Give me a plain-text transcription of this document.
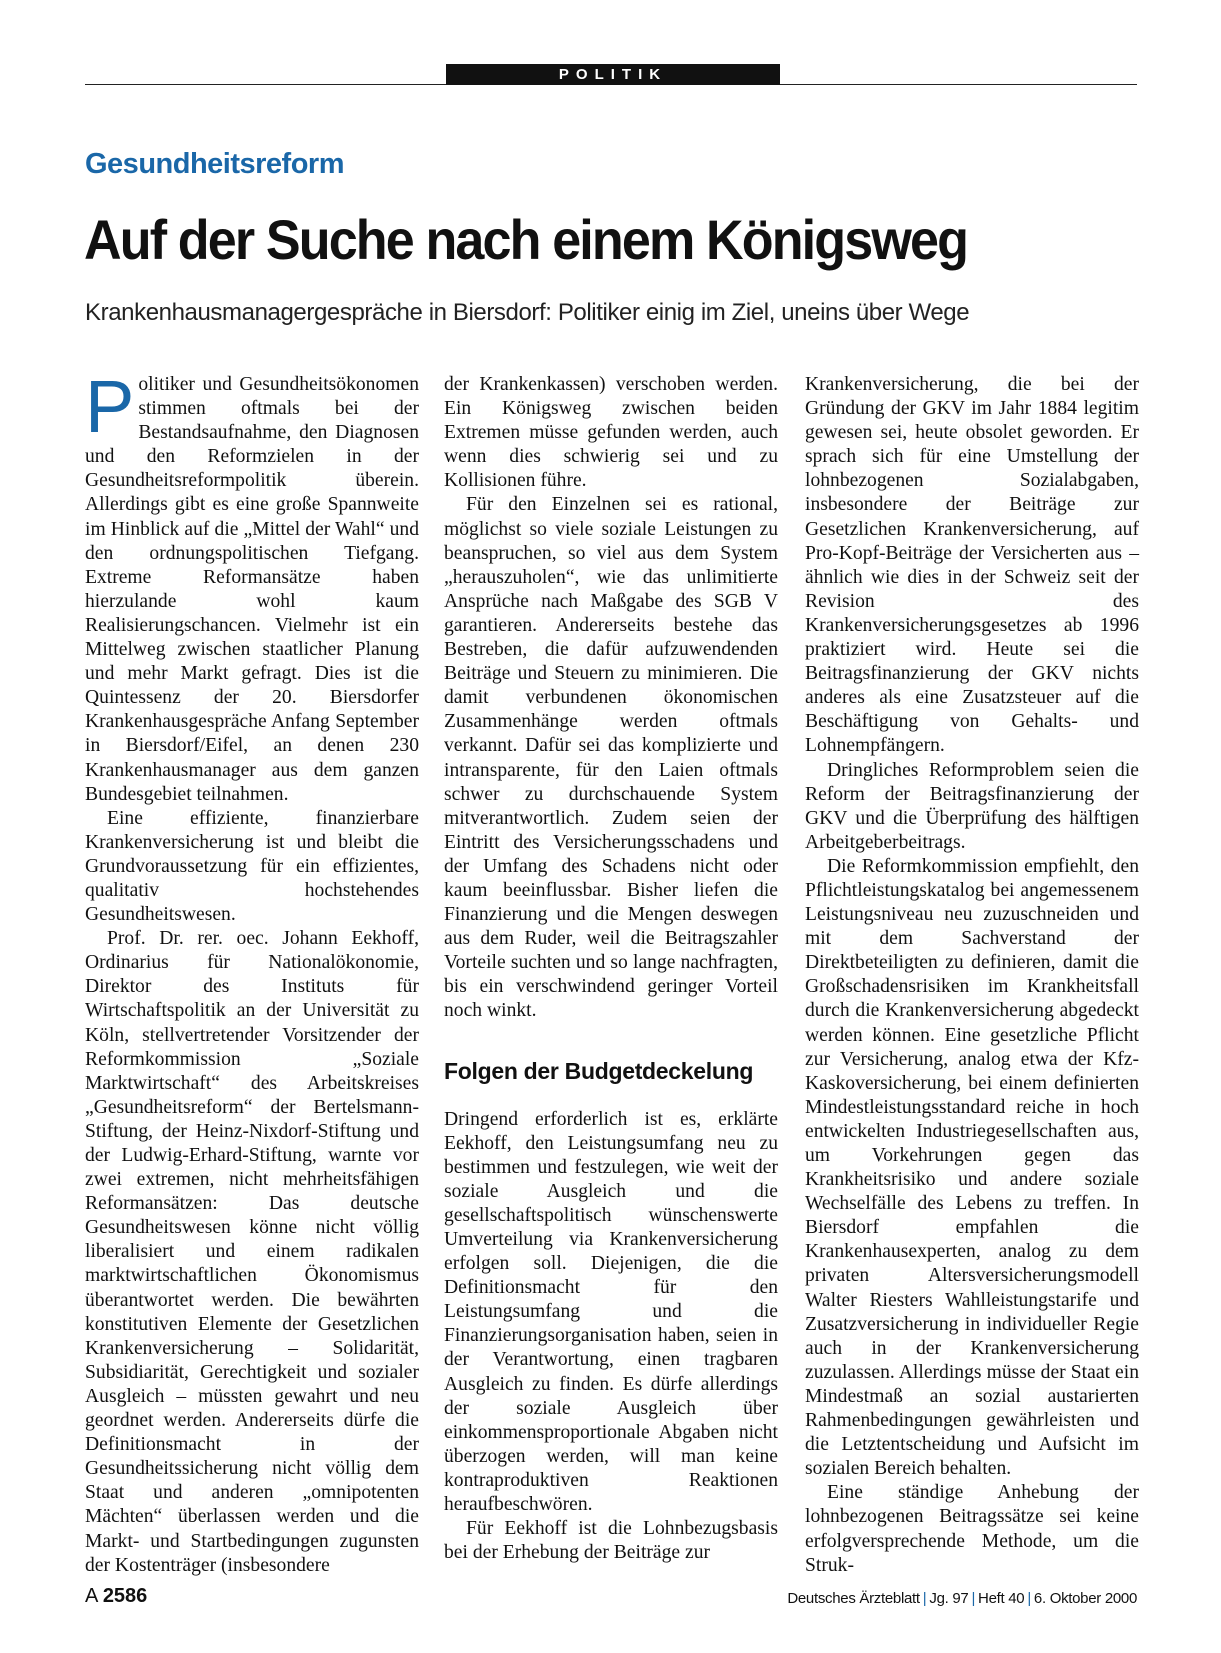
POLITIK
Gesundheitsreform
Auf der Suche nach einem Königsweg
Krankenhausmanagergespräche in Biersdorf: Politiker einig im Ziel, uneins über Wege

Politiker und Gesundheitsökonomen stimmen oftmals bei der Bestandsaufnahme, den Diagnosen und den Reformzielen in der Gesundheitsreformpolitik überein. Allerdings gibt es eine große Spannweite im Hinblick auf die „Mittel der Wahl“ und den ordnungspolitischen Tiefgang. Extreme Reformansätze haben hierzulande wohl kaum Realisierungschancen. Vielmehr ist ein Mittelweg zwischen staatlicher Planung und mehr Markt gefragt. Dies ist die Quintessenz der 20. Biersdorfer Krankenhausgespräche Anfang September in Biersdorf/Eifel, an denen 230 Krankenhausmanager aus dem ganzen Bundesgebiet teilnahmen.

Eine effiziente, finanzierbare Krankenversicherung ist und bleibt die Grundvoraussetzung für ein effizientes, qualitativ hochstehendes Gesundheitswesen.

Prof. Dr. rer. oec. Johann Eekhoff, Ordinarius für Nationalökonomie, Direktor des Instituts für Wirtschaftspolitik an der Universität zu Köln, stellvertretender Vorsitzender der Reformkommission „Soziale Marktwirtschaft“ des Arbeitskreises „Gesundheitsreform“ der Bertelsmann-Stiftung, der Heinz-Nixdorf-Stiftung und der Ludwig-Erhard-Stiftung, warnte vor zwei extremen, nicht mehrheitsfähigen Reformansätzen: Das deutsche Gesundheitswesen könne nicht völlig liberalisiert und einem radikalen marktwirtschaftlichen Ökonomismus überantwortet werden. Die bewährten konstitutiven Elemente der Gesetzlichen Krankenversicherung – Solidarität, Subsidiarität, Gerechtigkeit und sozialer Ausgleich – müssten gewahrt und neu geordnet werden. Andererseits dürfe die Definitionsmacht in der Gesundheitssicherung nicht völlig dem Staat und anderen „omnipotenten Mächten“ überlassen werden und die Markt- und Startbedingungen zugunsten der Kostenträger (insbesondere

der Krankenkassen) verschoben werden. Ein Königsweg zwischen beiden Extremen müsse gefunden werden, auch wenn dies schwierig sei und zu Kollisionen führe.

Für den Einzelnen sei es rational, möglichst so viele soziale Leistungen zu beanspruchen, so viel aus dem System „herauszuholen“, wie das unlimitierte Ansprüche nach Maßgabe des SGB V garantieren. Andererseits bestehe das Bestreben, die dafür aufzuwendenden Beiträge und Steuern zu minimieren. Die damit verbundenen ökonomischen Zusammenhänge werden oftmals verkannt. Dafür sei das komplizierte und intransparente, für den Laien oftmals schwer zu durchschauende System mitverantwortlich. Zudem seien der Eintritt des Versicherungsschadens und der Umfang des Schadens nicht oder kaum beeinflussbar. Bisher liefen die Finanzierung und die Mengen deswegen aus dem Ruder, weil die Beitragszahler Vorteile suchten und so lange nachfragten, bis ein verschwindend geringer Vorteil noch winkt.

Folgen der Budgetdeckelung

Dringend erforderlich ist es, erklärte Eekhoff, den Leistungsumfang neu zu bestimmen und festzulegen, wie weit der soziale Ausgleich und die gesellschaftspolitisch wünschenswerte Umverteilung via Krankenversicherung erfolgen soll. Diejenigen, die die Definitionsmacht für den Leistungsumfang und die Finanzierungsorganisation haben, seien in der Verantwortung, einen tragbaren Ausgleich zu finden. Es dürfe allerdings der soziale Ausgleich über einkommensproportionale Abgaben nicht überzogen werden, will man keine kontraproduktiven Reaktionen heraufbeschwören.

Für Eekhoff ist die Lohnbezugsbasis bei der Erhebung der Beiträge zur

Krankenversicherung, die bei der Gründung der GKV im Jahr 1884 legitim gewesen sei, heute obsolet geworden. Er sprach sich für eine Umstellung der lohnbezogenen Sozialabgaben, insbesondere der Beiträge zur Gesetzlichen Krankenversicherung, auf Pro-Kopf-Beiträge der Versicherten aus – ähnlich wie dies in der Schweiz seit der Revision des Krankenversicherungsgesetzes ab 1996 praktiziert wird. Heute sei die Beitragsfinanzierung der GKV nichts anderes als eine Zusatzsteuer auf die Beschäftigung von Gehalts- und Lohnempfängern.

Dringliches Reformproblem seien die Reform der Beitragsfinanzierung der GKV und die Überprüfung des hälftigen Arbeitgeberbeitrags.

Die Reformkommission empfiehlt, den Pflichtleistungskatalog bei angemessenem Leistungsniveau neu zuzuschneiden und mit dem Sachverstand der Direktbeteiligten zu definieren, damit die Großschadensrisiken im Krankheitsfall durch die Krankenversicherung abgedeckt werden können. Eine gesetzliche Pflicht zur Versicherung, analog etwa der Kfz-Kaskoversicherung, bei einem definierten Mindestleistungsstandard reiche in hoch entwickelten Industriegesellschaften aus, um Vorkehrungen gegen das Krankheitsrisiko und andere soziale Wechselfälle des Lebens zu treffen. In Biersdorf empfahlen die Krankenhausexperten, analog zu dem privaten Altersversicherungsmodell Walter Riesters Wahlleistungstarife und Zusatzversicherung in individueller Regie auch in der Krankenversicherung zuzulassen. Allerdings müsse der Staat ein Mindestmaß an sozial austarierten Rahmenbedingungen gewährleisten und die Letztentscheidung und Aufsicht im sozialen Bereich behalten.

Eine ständige Anhebung der lohnbezogenen Beitragssätze sei keine erfolgversprechende Methode, um die Struk-

A 2586	Deutsches Ärzteblatt | Jg. 97 | Heft 40 | 6. Oktober 2000
